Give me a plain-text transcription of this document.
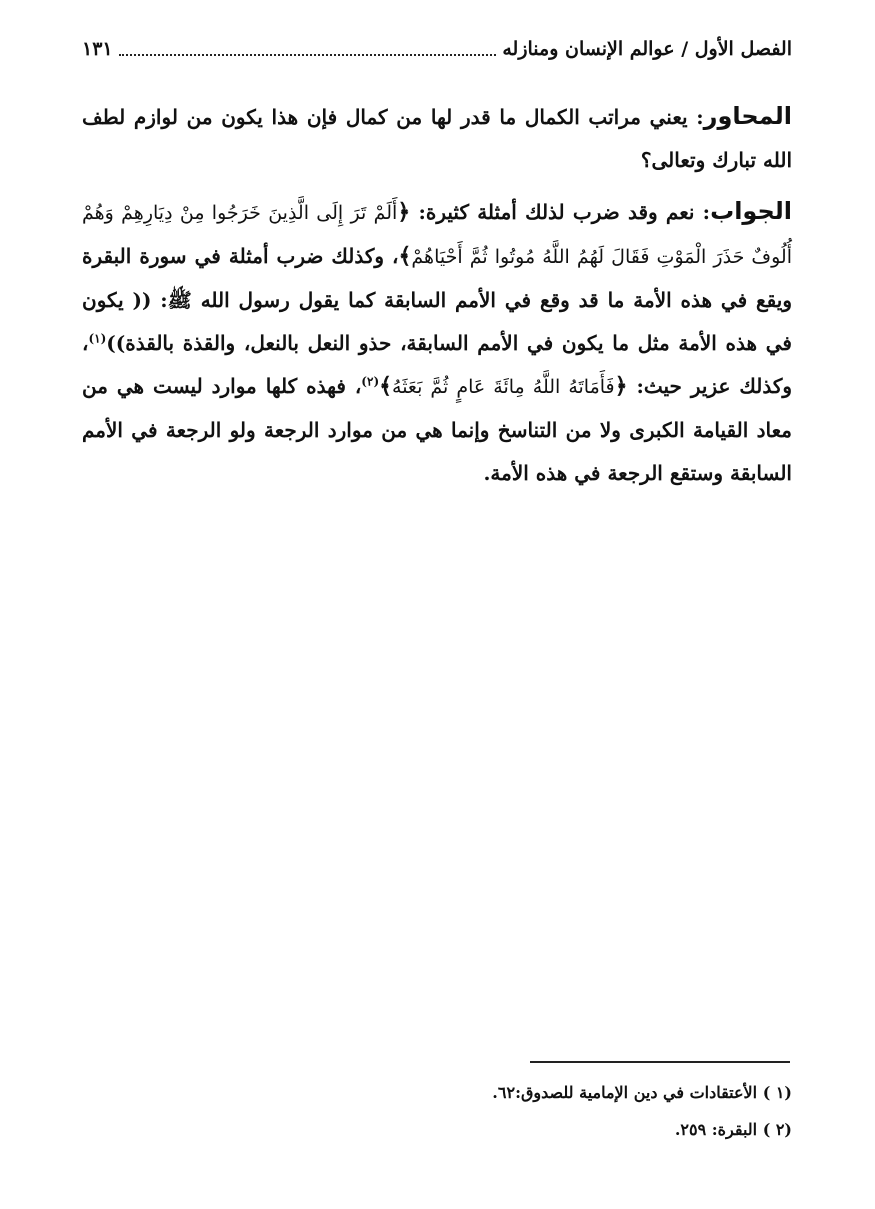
الفصل الأول / عوالم الإنسان ومنازله
١٣١

المحاور: يعني مراتب الكمال ما قدر لها من كمال فإن هذا يكون من لوازم لطف الله تبارك وتعالى؟

الجواب: نعم وقد ضرب لذلك أمثلة كثيرة: ﴿أَلَمْ تَرَ إِلَى الَّذِينَ خَرَجُوا مِنْ دِيَارِهِمْ وَهُمْ أُلُوفٌ حَذَرَ الْمَوْتِ فَقَالَ لَهُمُ اللَّهُ مُوتُوا ثُمَّ أَحْيَاهُمْ﴾، وكذلك ضرب أمثلة في سورة البقرة ويقع في هذه الأمة ما قد وقع في الأمم السابقة كما يقول رسول الله ﷺ: (( يكون في هذه الأمة مثل ما يكون في الأمم السابقة، حذو النعل بالنعل، والقذة بالقذة))$^{(١)}$، وكذلك عزير حيث: ﴿فَأَمَاتَهُ اللَّهُ مِائَةَ عَامٍ ثُمَّ بَعَثَهُ﴾$^{(٢)}$، فهذه كلها موارد ليست هي من معاد القيامة الكبرى ولا من التناسخ وإنما هي من موارد الرجعة ولو الرجعة في الأمم السابقة وستقع الرجعة في هذه الأمة.

(١ ) الأعتقادات في دين الإمامية للصدوق:٦٢.
(٢ ) البقرة: ٢٥٩.
